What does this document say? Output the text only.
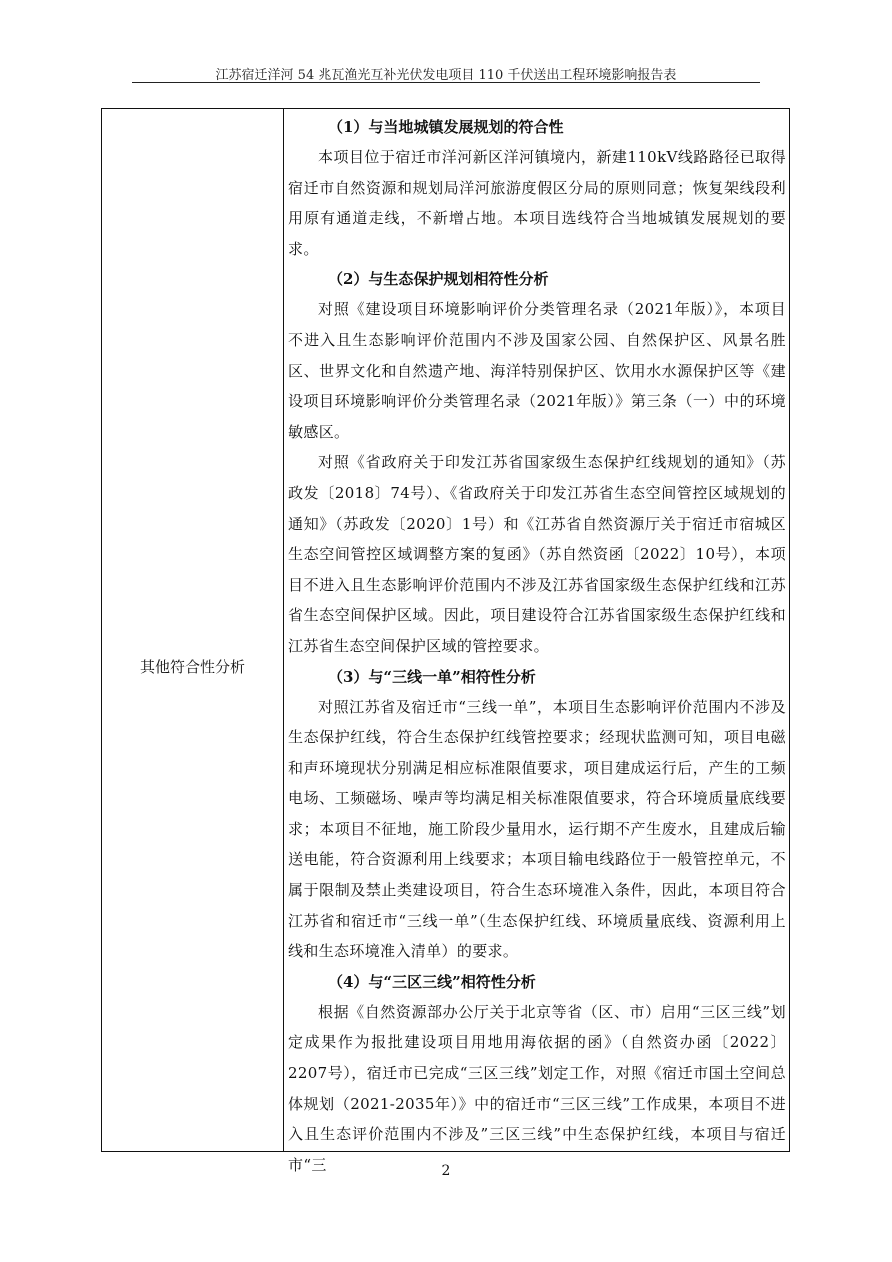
江苏宿迁洋河 54 兆瓦渔光互补光伏发电项目 110 千伏送出工程环境影响报告表
其他符合性分析
（1）与当地城镇发展规划的符合性

本项目位于宿迁市洋河新区洋河镇境内，新建110kV线路路径已取得宿迁市自然资源和规划局洋河旅游度假区分局的原则同意；恢复架线段利用原有通道走线，不新增占地。本项目选线符合当地城镇发展规划的要求。

（2）与生态保护规划相符性分析

对照《建设项目环境影响评价分类管理名录（2021年版）》，本项目不进入且生态影响评价范围内不涉及国家公园、自然保护区、风景名胜区、世界文化和自然遗产地、海洋特别保护区、饮用水水源保护区等《建设项目环境影响评价分类管理名录（2021年版）》第三条（一）中的环境敏感区。

对照《省政府关于印发江苏省国家级生态保护红线规划的通知》（苏政发〔2018〕74号）、《省政府关于印发江苏省生态空间管控区域规划的通知》（苏政发〔2020〕1号）和《江苏省自然资源厅关于宿迁市宿城区生态空间管控区域调整方案的复函》（苏自然资函〔2022〕10号），本项目不进入且生态影响评价范围内不涉及江苏省国家级生态保护红线和江苏省生态空间保护区域。因此，项目建设符合江苏省国家级生态保护红线和江苏省生态空间保护区域的管控要求。

（3）与“三线一单”相符性分析

对照江苏省及宿迁市“三线一单”，本项目生态影响评价范围内不涉及生态保护红线，符合生态保护红线管控要求；经现状监测可知，项目电磁和声环境现状分别满足相应标准限值要求，项目建成运行后，产生的工频电场、工频磁场、噪声等均满足相关标准限值要求，符合环境质量底线要求；本项目不征地，施工阶段少量用水，运行期不产生废水，且建成后输送电能，符合资源利用上线要求；本项目输电线路位于一般管控单元，不属于限制及禁止类建设项目，符合生态环境准入条件，因此，本项目符合江苏省和宿迁市“三线一单”（生态保护红线、环境质量底线、资源利用上线和生态环境准入清单）的要求。

（4）与“三区三线”相符性分析

根据《自然资源部办公厅关于北京等省（区、市）启用“三区三线”划定成果作为报批建设项目用地用海依据的函》（自然资办函〔2022〕2207号），宿迁市已完成“三区三线”划定工作，对照《宿迁市国土空间总体规划（2021-2035年）》中的宿迁市“三区三线”工作成果，本项目不进入且生态评价范围内不涉及”三区三线”中生态保护红线，本项目与宿迁市“三	2
